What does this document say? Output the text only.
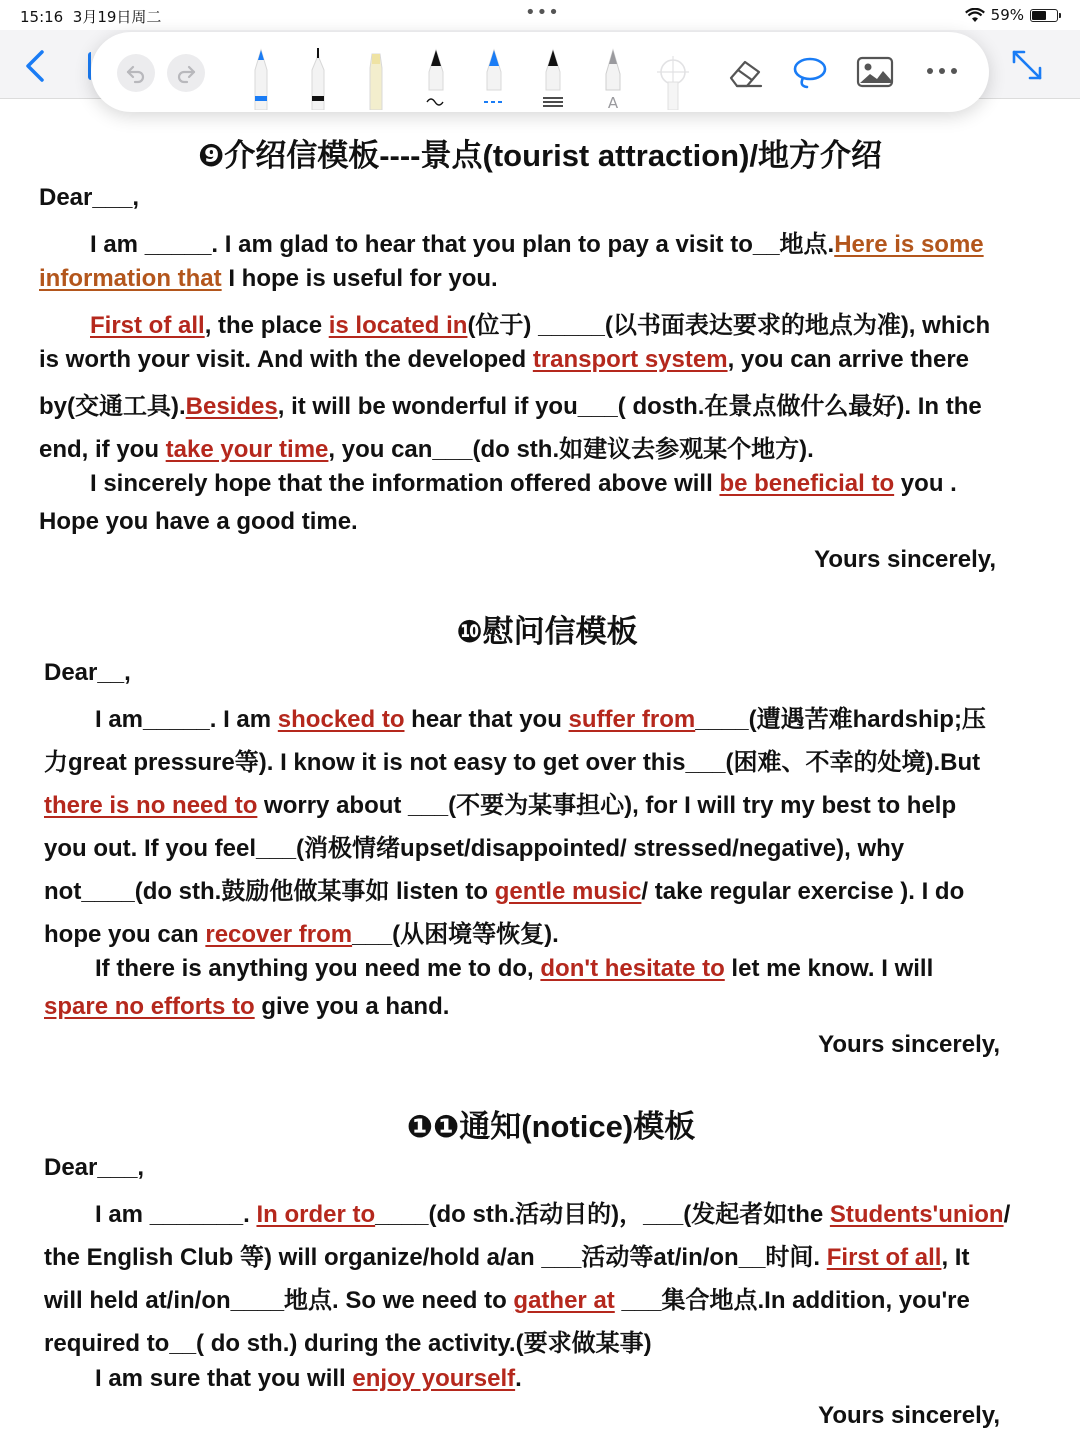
15:16 3月19日周二	•••	59%
A
❾介绍信模板----景点(tourist attraction)/地方介绍
Dear___,
I am _____. I am glad to hear that you plan to pay a visit to__地点.Here is some
information that I hope is useful for you.
First of all, the place is located in(位于) _____(以书面表达要求的地点为准), which
is worth your visit. And with the developed transport system, you can arrive there
by(交通工具).Besides, it will be wonderful if you___( dosth.在景点做什么最好). In the
end, if you take your time, you can___(do sth.如建议去参观某个地方).
I sincerely hope that the information offered above will be beneficial to you .
Hope you have a good time.
Yours sincerely,
❿慰问信模板
Dear__,
I am_____. I am shocked to hear that you suffer from____(遭遇苦难hardship;压
力great pressure等). I know it is not easy to get over this___(困难、不幸的处境).But
there is no need to worry about ___(不要为某事担心), for I will try my best to help
you out. If you feel___(消极情绪upset/disappointed/ stressed/negative), why
not____(do sth.鼓励他做某事如 listen to gentle music/ take regular exercise ). I do
hope you can recover from___(从困境等恢复).
If there is anything you need me to do, don't hesitate to let me know. I will
spare no efforts to give you a hand.
Yours sincerely,
❶❶通知(notice)模板
Dear___,
I am _______. In order to____(do sth.活动目的)，___(发起者如the Students'union/
the English Club 等) will organize/hold a/an ___活动等at/in/on__时间. First of all, It
will held at/in/on____地点. So we need to gather at ___集合地点.In addition, you're
required to__( do sth.) during the activity.(要求做某事)
I am sure that you will enjoy yourself.
Yours sincerely,
